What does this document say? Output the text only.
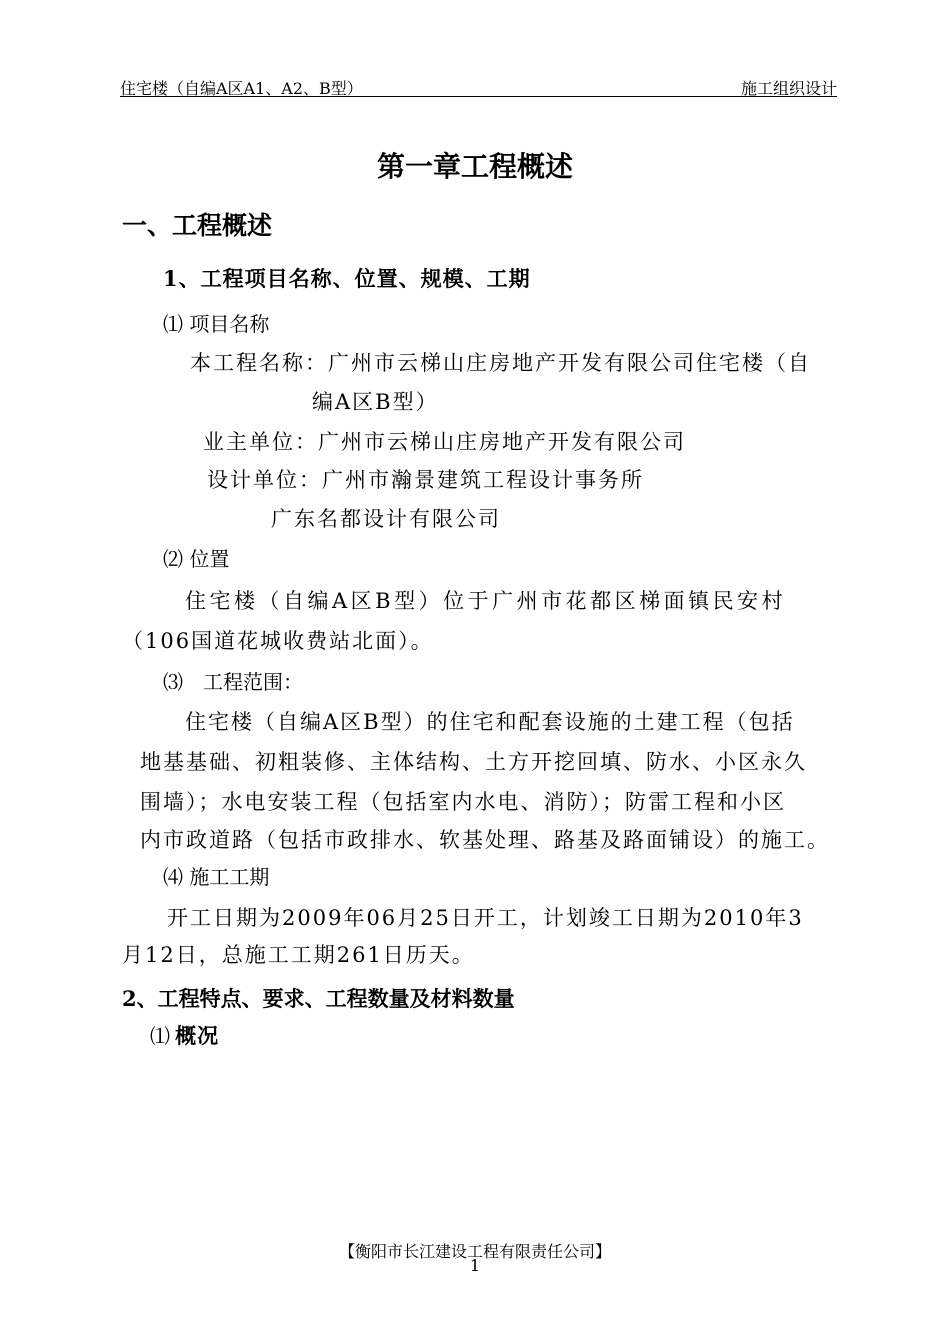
住宅楼（自编A区A1、A2、B型）	施工组织设计
第一章工程概述
一、工程概述
1、工程项目名称、位置、规模、工期
⑴ 项目名称
本工程名称：广州市云梯山庄房地产开发有限公司住宅楼（自
编A区B型）
业主单位：广州市云梯山庄房地产开发有限公司
设计单位：广州市瀚景建筑工程设计事务所
广东名都设计有限公司
⑵ 位置
住宅楼（自编A区B型）位于广州市花都区梯面镇民安村
（106国道花城收费站北面）。
⑶　工程范围：
住宅楼（自编A区B型）的住宅和配套设施的土建工程（包括
地基基础、初粗装修、主体结构、土方开挖回填、防水、小区永久
围墙）；水电安装工程（包括室内水电、消防）；防雷工程和小区
内市政道路（包括市政排水、软基处理、路基及路面铺设）的施工。
⑷ 施工工期
开工日期为2009年06月25日开工，计划竣工日期为2010年3
月12日，总施工工期261日历天。
2、工程特点、要求、工程数量及材料数量
⑴ 概况
【衡阳市长江建设工程有限责任公司】
1
